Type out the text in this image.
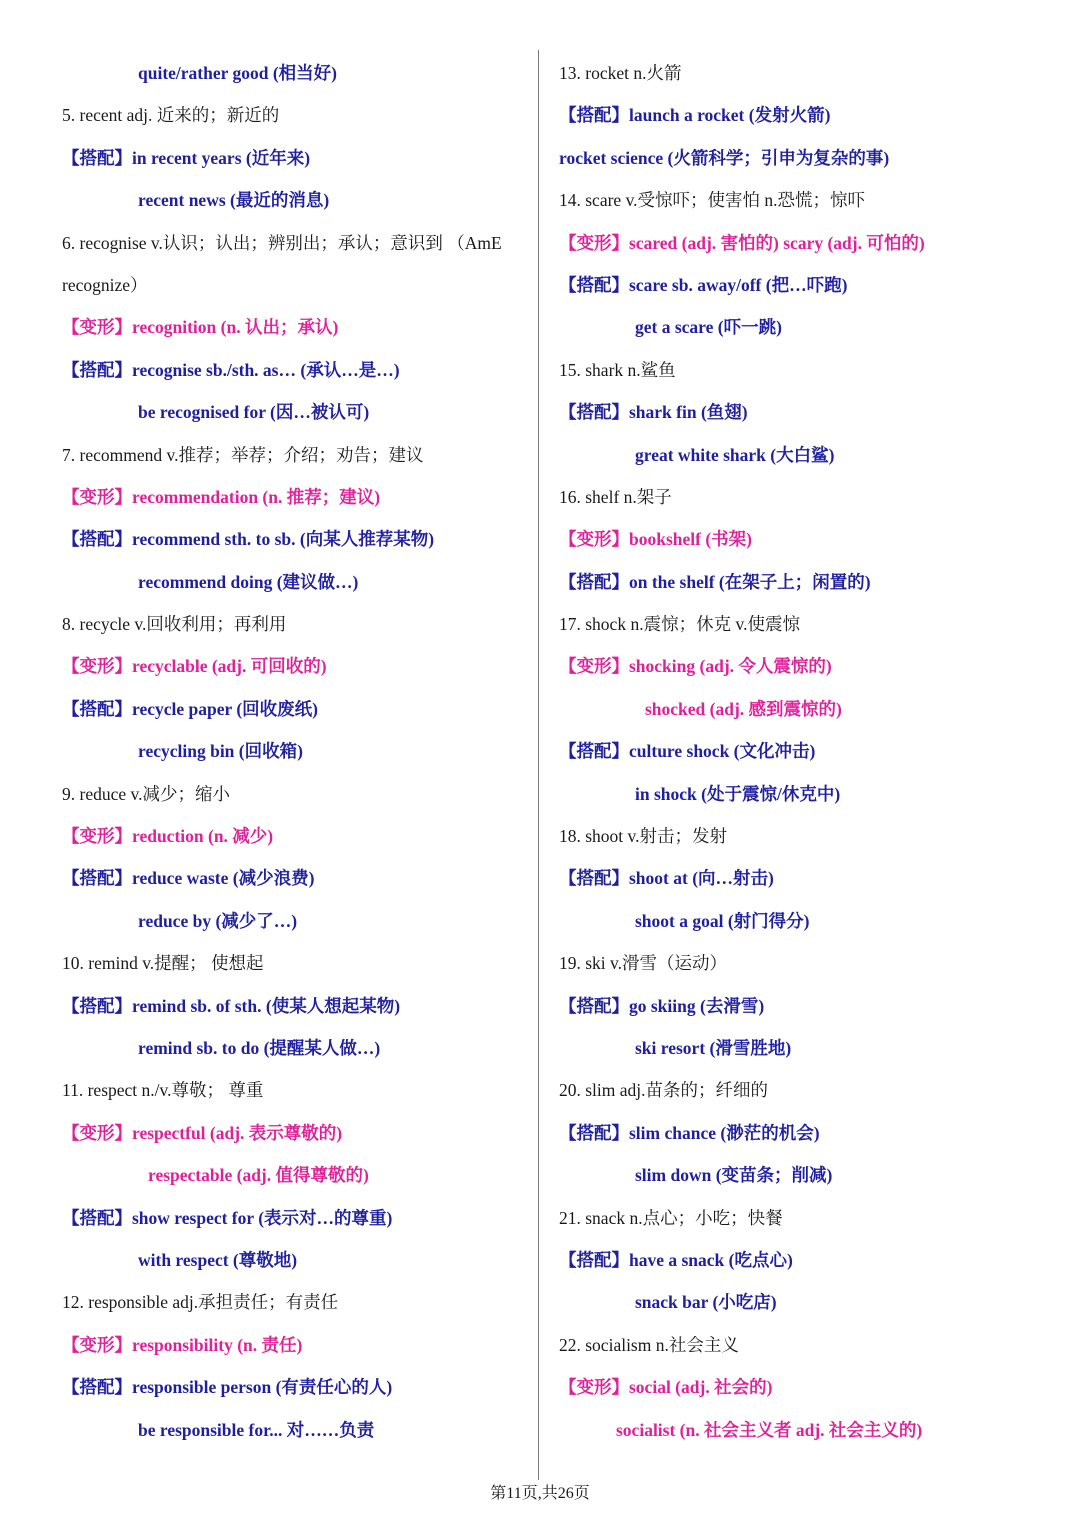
quite/rather good (相当好)
5. recent adj. 近来的；新近的
【搭配】in recent years (近年来)
recent news (最近的消息)
6. recognise v.认识；认出；辨别出；承认；意识到 （AmE
recognize）
【变形】recognition (n. 认出；承认)
【搭配】recognise sb./sth. as… (承认…是…)
be recognised for (因…被认可)
7. recommend v.推荐；举荐；介绍；劝告；建议
【变形】recommendation (n. 推荐；建议)
【搭配】recommend sth. to sb. (向某人推荐某物)
recommend doing (建议做…)
8. recycle v.回收利用；再利用
【变形】recyclable (adj. 可回收的)
【搭配】recycle paper (回收废纸)
recycling bin (回收箱)
9. reduce v.减少；缩小
【变形】reduction (n. 减少)
【搭配】reduce waste (减少浪费)
reduce by (减少了…)
10. remind v.提醒； 使想起
【搭配】remind sb. of sth. (使某人想起某物)
remind sb. to do (提醒某人做…)
11. respect n./v.尊敬； 尊重
【变形】respectful (adj. 表示尊敬的)
respectable (adj. 值得尊敬的)
【搭配】show respect for (表示对…的尊重)
with respect (尊敬地)
12. responsible adj.承担责任；有责任
【变形】responsibility (n. 责任)
【搭配】responsible person (有责任心的人)
be responsible for... 对……负责
13. rocket n.火箭
【搭配】launch a rocket (发射火箭)
rocket science (火箭科学；引申为复杂的事)
14. scare v.受惊吓；使害怕 n.恐慌；惊吓
【变形】scared (adj. 害怕的) scary (adj. 可怕的)
【搭配】scare sb. away/off (把…吓跑)
get a scare (吓一跳)
15. shark n.鲨鱼
【搭配】shark fin (鱼翅)
great white shark (大白鲨)
16. shelf n.架子
【变形】bookshelf (书架)
【搭配】on the shelf (在架子上；闲置的)
17. shock n.震惊；休克 v.使震惊
【变形】shocking (adj. 令人震惊的)
shocked (adj. 感到震惊的)
【搭配】culture shock (文化冲击)
in shock (处于震惊/休克中)
18. shoot v.射击；发射
【搭配】shoot at (向…射击)
shoot a goal (射门得分)
19. ski v.滑雪（运动）
【搭配】go skiing (去滑雪)
ski resort (滑雪胜地)
20. slim adj.苗条的；纤细的
【搭配】slim chance (渺茫的机会)
slim down (变苗条；削减)
21. snack n.点心；小吃；快餐
【搭配】have a snack (吃点心)
snack bar (小吃店)
22. socialism n.社会主义
【变形】social (adj. 社会的)
socialist (n. 社会主义者 adj. 社会主义的)
第11页,共26页
